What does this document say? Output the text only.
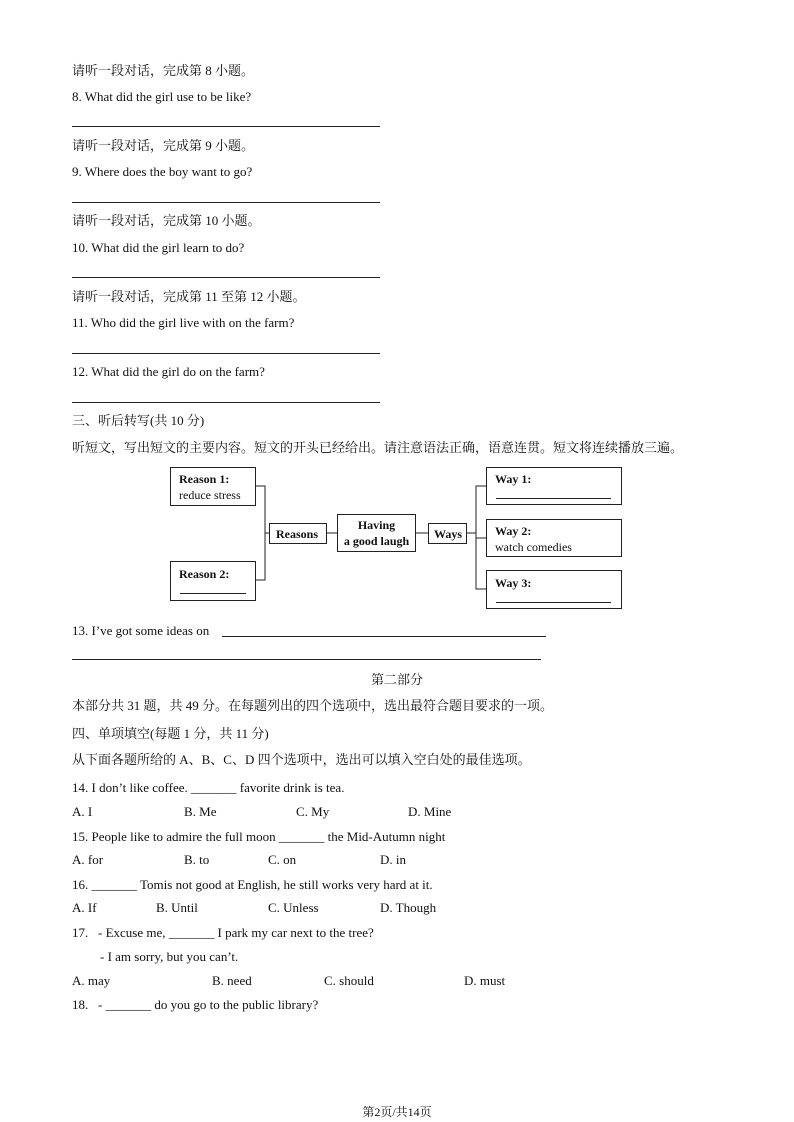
请听一段对话，完成第 8 小题。
8. What did the girl use to be like?
请听一段对话，完成第 9 小题。
9. Where does the boy want to go?
请听一段对话，完成第 10 小题。
10. What did the girl learn to do?
请听一段对话，完成第 11 至第 12 小题。
11. Who did the girl live with on the farm?
12. What did the girl do on the farm?
三、听后转写(共 10 分)
听短文，写出短文的主要内容。短文的开头已经给出。请注意语法正确，语意连贯。短文将连续播放三遍。
Reason 1:
reduce stress
Reason 2:
Reasons
Having
a good laugh	Ways
Way 1:
Way 2:
watch comedies
Way 3:
13. I’ve got some ideas on
第二部分
本部分共 31 题，共 49 分。在每题列出的四个选项中，选出最符合题目要求的一项。
四、单项填空(每题 1 分，共 11 分)
从下面各题所给的 A、B、C、D 四个选项中，选出可以填入空白处的最佳选项。
14. I don’t like coffee. _______ favorite drink is tea.
A. I	B. Me	C. My	D. Mine
15. People like to admire the full moon _______ the Mid-Autumn night
A. for	B. to	C. on	D. in
16. _______ Tomis not good at English, he still works very hard at it.
A. If	B. Until	C. Unless	D. Though
17.   - Excuse me, _______ I park my car next to the tree?
- I am sorry, but you can’t.
A. may	B. need	C. should	D. must
18.   - _______ do you go to the public library?
第2页/共14页
